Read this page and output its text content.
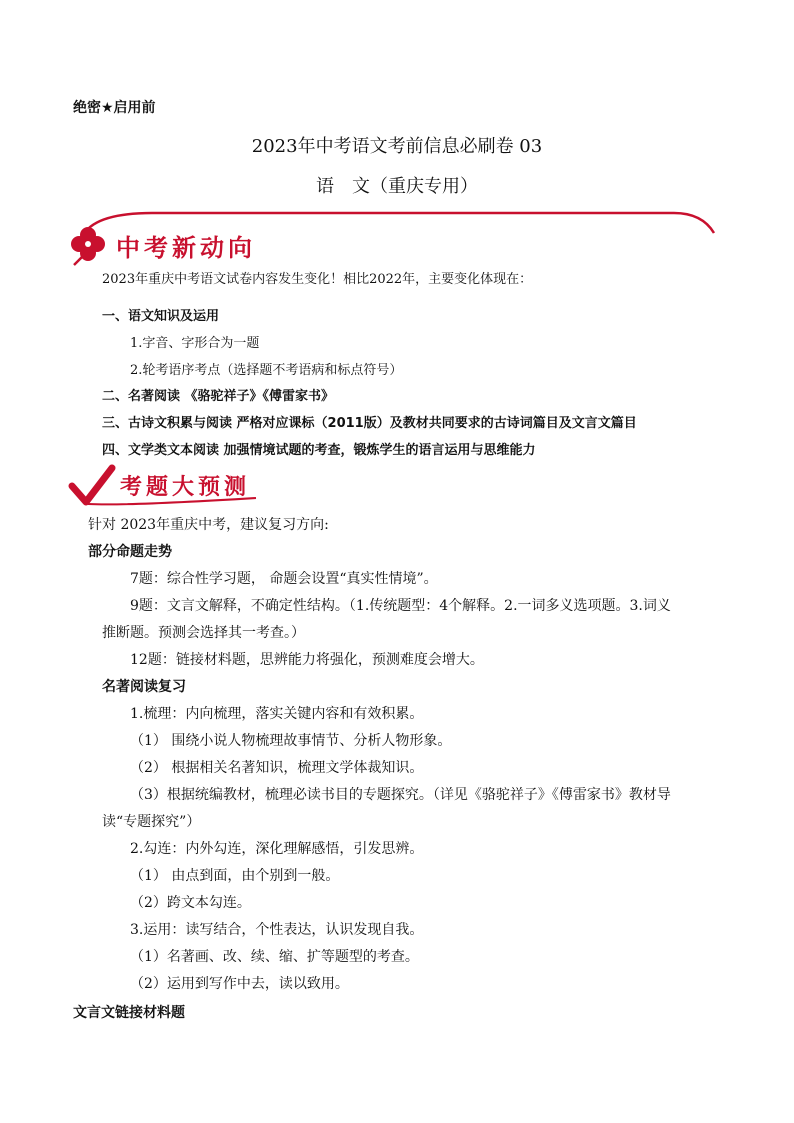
绝密★启用前
2023年中考语文考前信息必刷卷 03
语　文（重庆专用）
中考新动向
2023年重庆中考语文试卷内容发生变化！相比2022年，主要变化体现在：
一、语文知识及运用
1.字音、字形合为一题
2.轮考语序考点（选择题不考语病和标点符号）
二、名著阅读 《骆驼祥子》《傅雷家书》
三、古诗文积累与阅读 严格对应课标（2011版）及教材共同要求的古诗词篇目及文言文篇目
四、文学类文本阅读 加强情境试题的考查，锻炼学生的语言运用与思维能力
考题大预测
针对 2023年重庆中考，建议复习方向:
部分命题走势
7题：综合性学习题， 命题会设置“真实性情境”。
9题：文言文解释，不确定性结构。（1.传统题型：4个解释。2.一词多义选项题。3.词义
推断题。预测会选择其一考查。）
12题：链接材料题，思辨能力将强化，预测难度会增大。
名著阅读复习
1.梳理：内向梳理，落实关键内容和有效积累。
（1） 围绕小说人物梳理故事情节、分析人物形象。
（2） 根据相关名著知识，梳理文学体裁知识。
（3）根据统编教材，梳理必读书目的专题探究。（详见《骆驼祥子》《傅雷家书》教材导
读“专题探究”）
2.勾连：内外勾连，深化理解感悟，引发思辨。
（1） 由点到面，由个别到一般。
（2）跨文本勾连。
3.运用：读写结合，个性表达，认识发现自我。
（1）名著画、改、续、缩、扩等题型的考查。
（2）运用到写作中去，读以致用。
文言文链接材料题
